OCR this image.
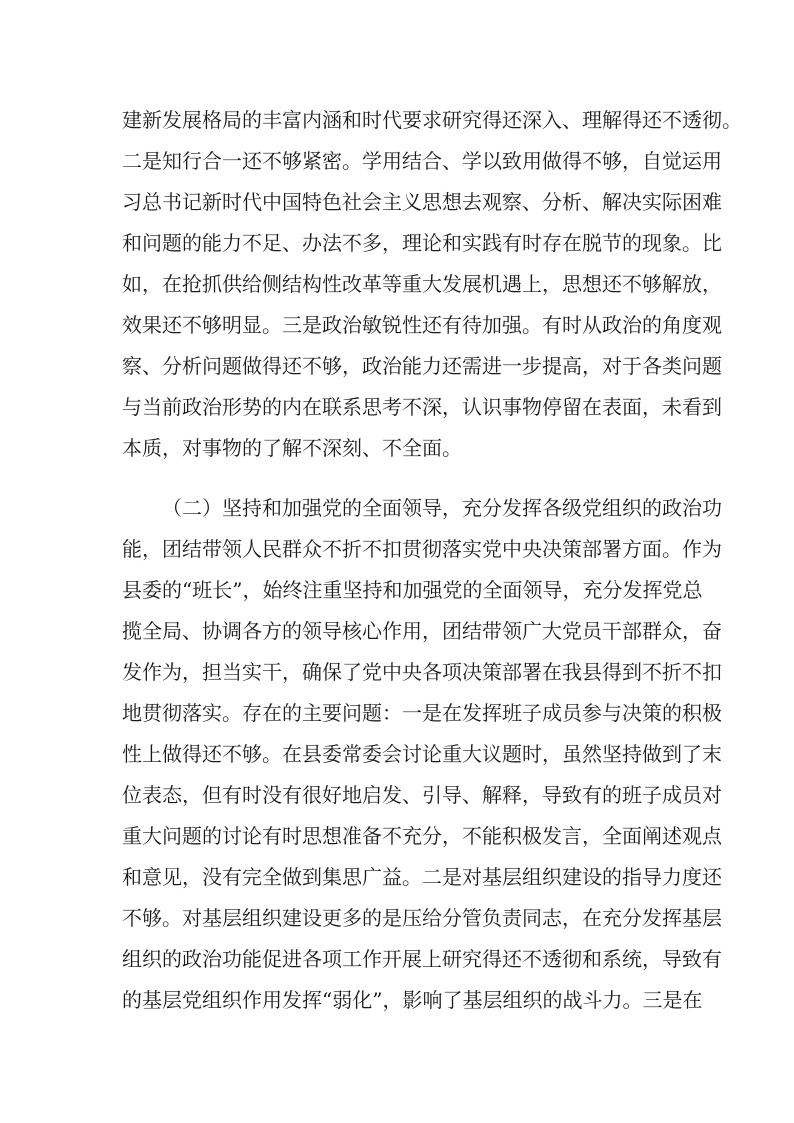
建新发展格局的丰富内涵和时代要求研究得还深入、理解得还不透彻。
二是知行合一还不够紧密。学用结合、学以致用做得不够，自觉运用
习总书记新时代中国特色社会主义思想去观察、分析、解决实际困难
和问题的能力不足、办法不多，理论和实践有时存在脱节的现象。比
如，在抢抓供给侧结构性改革等重大发展机遇上，思想还不够解放，
效果还不够明显。三是政治敏锐性还有待加强。有时从政治的角度观
察、分析问题做得还不够，政治能力还需进一步提高，对于各类问题
与当前政治形势的内在联系思考不深，认识事物停留在表面，未看到
本质，对事物的了解不深刻、不全面。
（二）坚持和加强党的全面领导，充分发挥各级党组织的政治功
能，团结带领人民群众不折不扣贯彻落实党中央决策部署方面。作为
县委的“班长”，始终注重坚持和加强党的全面领导，充分发挥党总
揽全局、协调各方的领导核心作用，团结带领广大党员干部群众，奋
发作为，担当实干，确保了党中央各项决策部署在我县得到不折不扣
地贯彻落实。存在的主要问题：一是在发挥班子成员参与决策的积极
性上做得还不够。在县委常委会讨论重大议题时，虽然坚持做到了末
位表态，但有时没有很好地启发、引导、解释，导致有的班子成员对
重大问题的讨论有时思想准备不充分，不能积极发言，全面阐述观点
和意见，没有完全做到集思广益。二是对基层组织建设的指导力度还
不够。对基层组织建设更多的是压给分管负责同志，在充分发挥基层
组织的政治功能促进各项工作开展上研究得还不透彻和系统，导致有
的基层党组织作用发挥“弱化”，影响了基层组织的战斗力。三是在
